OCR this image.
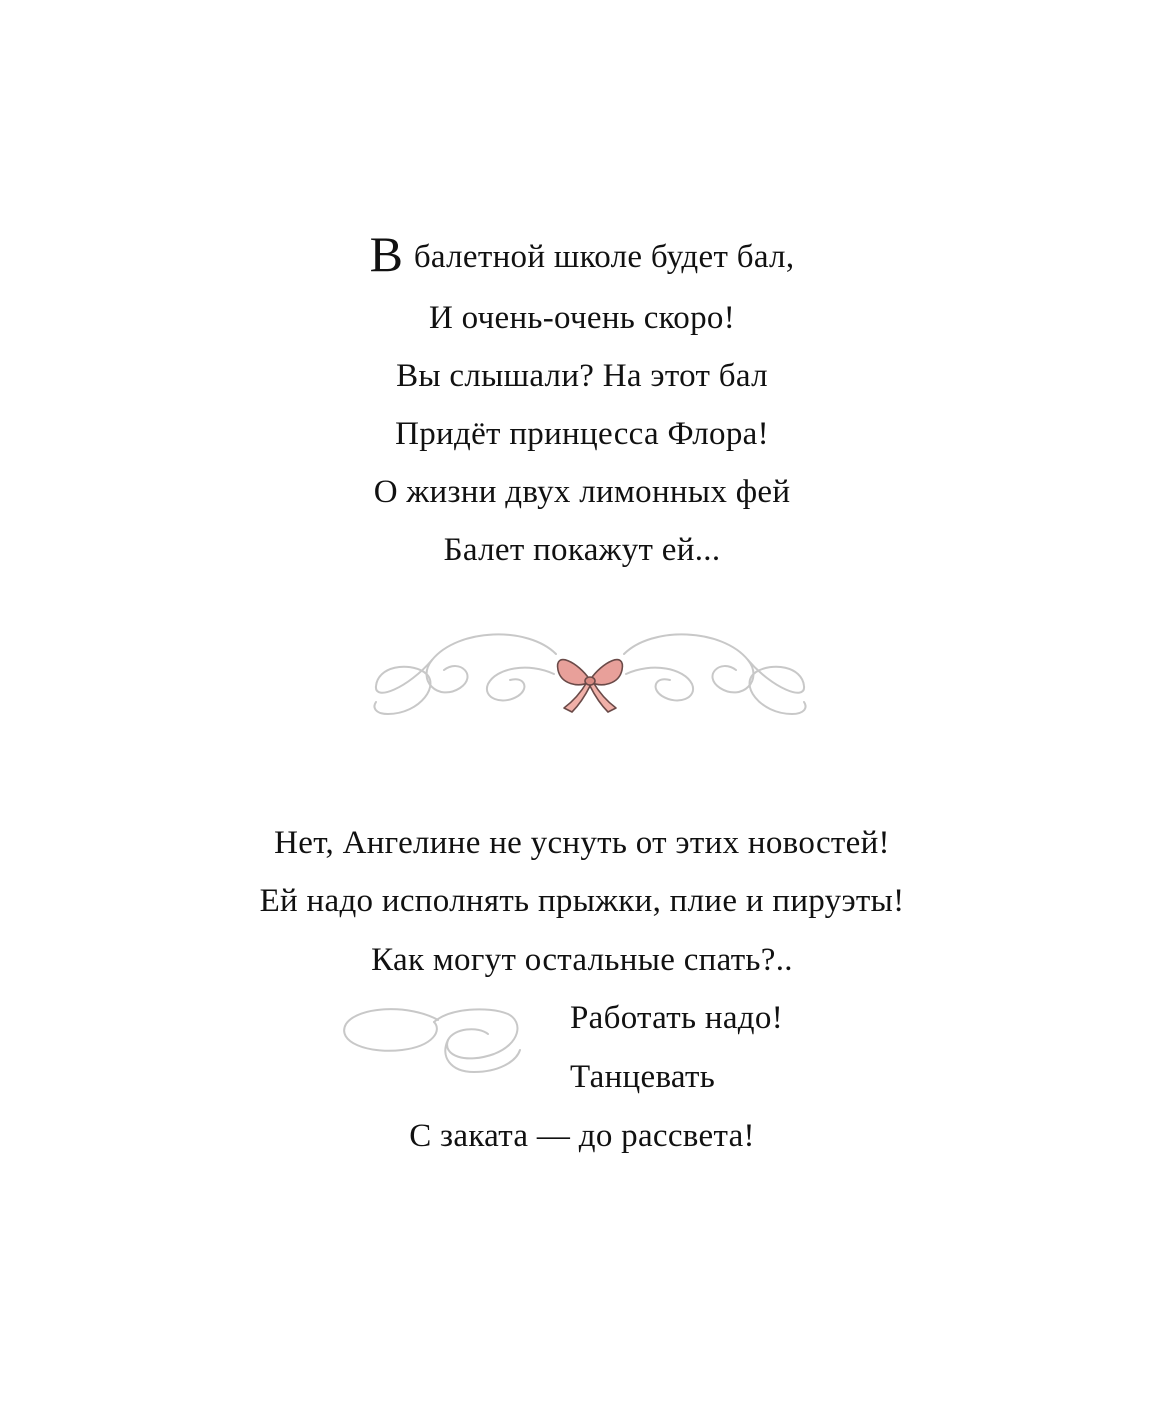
В балетной школе будет бал,
И очень-очень скоро!
Вы слышали? На этот бал
Придёт принцесса Флора!
О жизни двух лимонных фей
Балет покажут ей...
Нет, Ангелине не уснуть от этих новостей!
Ей надо исполнять прыжки, плие и пируэты!
Как могут остальные спать?..
Работать надо!
Танцевать
С заката — до рассвета!
